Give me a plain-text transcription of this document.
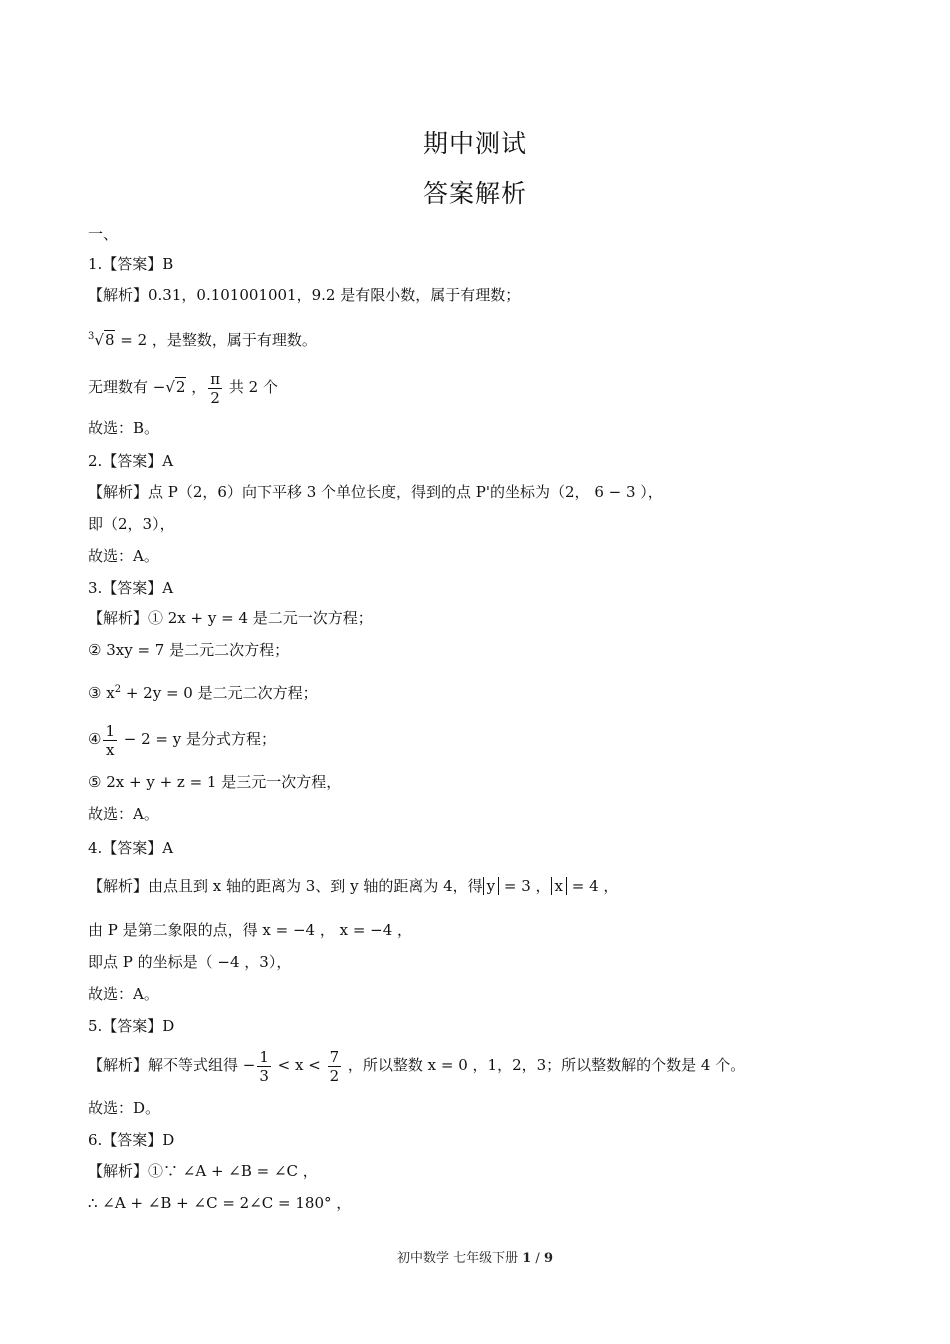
期中测试
答案解析
一、
1.【答案】B
【解析】0.31，0.101001001，9.2 是有限小数，属于有理数；
$^3$√8 = 2 ，是整数，属于有理数。
无理数有 −√2 ， $\frac{\pi}{2}$ 共 2 个
故选：B。
2.【答案】A
【解析】点 P（2，6）向下平移 3 个单位长度，得到的点 P'的坐标为（2， 6 − 3 ），
即（2，3），
故选：A。
3.【答案】A
【解析】① 2x + y = 4 是二元一次方程；
② 3xy = 7 是二元二次方程；
③ $x^2 + 2y = 0$ 是二元二次方程；
④ $\frac{1}{x} - 2 = y$ 是分式方程；
⑤ 2x + y + z = 1 是三元一次方程，
故选：A。
4.【答案】A
【解析】由点且到 x 轴的距离为 3、到 y 轴的距离为 4，得 y = 3 ， x = 4 ，
由 P 是第二象限的点，得 x = −4 ， x = −4 ，
即点 P 的坐标是（ −4 ，3），
故选：A。
5.【答案】D
【解析】解不等式组得 − $\frac{1}{3} < x < \frac{7}{2}$ ，所以整数 x = 0 ，1，2，3；所以整数解的个数是 4 个。
故选：D。
6.【答案】D
【解析】①∵ ∠A + ∠B = ∠C ，
∴ ∠A + ∠B + ∠C = 2∠C = 180° ，
初中数学 七年级下册 1 / 9
